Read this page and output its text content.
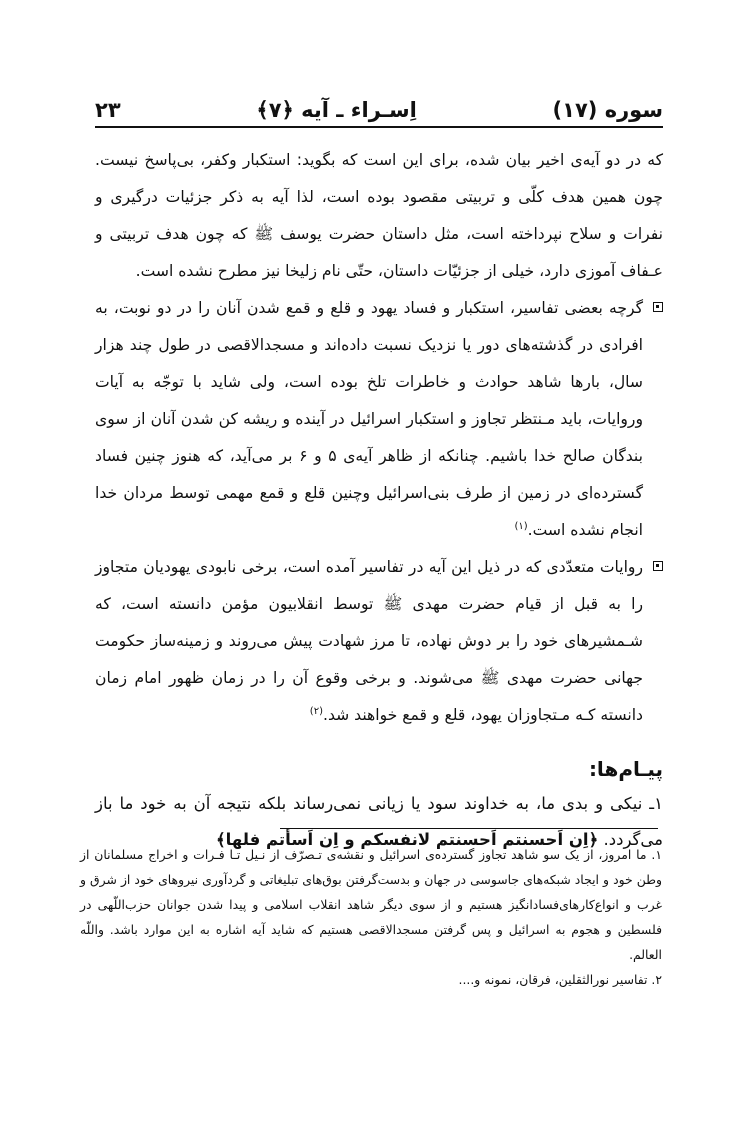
سوره (۱۷)
اِسـراء ـ آيه ﴿۷﴾
۲۳

كه در دو آيه‌ی اخير بيان شده، برای اين است كه بگويد: استكبار وكفر، بی‌پاسخ نيست. چون همين هدف كلّی و تربيتی مقصود بوده است، لذا آيه به ذكر جزئيات درگيری و نفرات و سلاح نپرداخته است، مثل داستان حضرت يوسف ﷺ كه چون هدف تربيتی و عـفاف آموزی دارد، خيلی از جزئيّات داستان، حتّی نام زليخا نيز مطرح نشده است.

گرچه بعضی تفاسير، استكبار و فساد يهود و قلع و قمع شدن آنان را در دو نوبت، به افرادی در گذشته‌های دور يا نزديک نسبت داده‌اند و مسجدالاقصی در طول چند هزار سال، بارها شاهد حوادث و خاطرات تلخ بوده است، ولی شايد با توجّه به آيات وروايات، بايد مـنتظر تجاوز و استكبار اسرائيل در آينده و ريشه كن شدن آنان از سوی بندگان صالح خدا باشيم. چنانكه از ظاهر آيه‌ی ۵ و ۶ بر می‌آيد، كه هنوز چنين فساد گسترده‌ای در زمين از طرف بنی‌اسرائيل وچنين قلع و قمع مهمی توسط مردان خدا انجام نشده است.$^{(۱)}$

روايات متعدّدی كه در ذيل اين آيه در تفاسير آمده است، برخی نابودی يهوديان متجاوز را به قبل از قيام حضرت مهدی ﷺ توسط انقلابيون مؤمن دانسته است، كه شـمشيرهای خود را بر دوش نهاده، تا مرز شهادت پيش می‌روند و زمينه‌ساز حكومت جهانی حضرت مهدی ﷺ می‌شوند. و برخی وقوع آن را در زمان ظهور امام زمان دانسته كـه مـتجاوزان يهود، قلع و قمع خواهند شد.$^{(۲)}$

پيـام‌ها:

۱ـ نيكی و بدی ما، به خداوند سود يا زيانی نمی‌رساند بلكه نتيجه آن به خود ما باز می‌گردد. ﴿اِن اَحسنتم اَحسنتم لانفسكم و اِن اَسأتم فلها﴾

۱. ما امروز، از يک سو شاهد تجاوز گسترده‌ی اسرائيل و نقشه‌ی تـصرّف از نـيل تـا فـرات و اخراج مسلمانان از وطن خود و ايجاد شبكه‌های جاسوسی در جهان و بدست‌گرفتن بوق‌های تبليغاتی و گردآوری نيروهای خود از شرق و غرب و انواع‌كارهای‌فسادانگيز هستيم و از سوی ديگر شاهد انقلاب اسلامی و پيدا شدن جوانان حزب‌اللّهی در فلسطين و هجوم به اسرائيل و پس گرفتن مسجدالاقصی هستيم كه شايد آيه اشاره به اين موارد باشد. واللّه العالم.

۲. تفاسير نورالثقلين، فرقان، نمونه و....
